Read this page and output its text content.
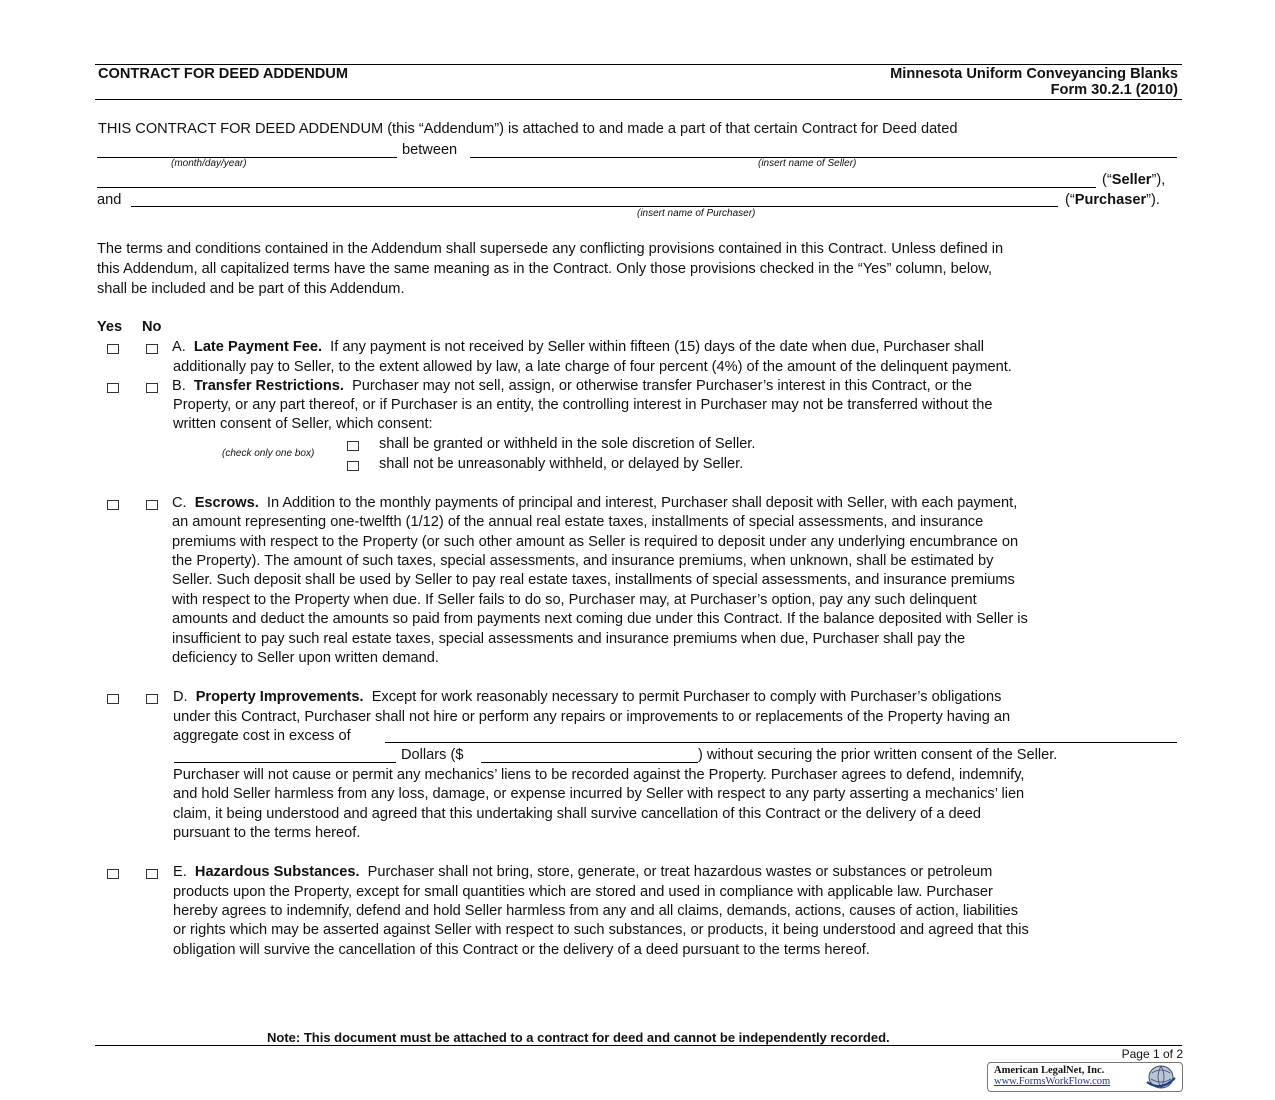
CONTRACT FOR DEED ADDENDUM	Minnesota Uniform Conveyancing Blanks
Form 30.2.1 (2010)
THIS CONTRACT FOR DEED ADDENDUM (this “Addendum”) is attached to and made a part of that certain Contract for Deed dated
between
(month/day/year)	(insert name of Seller)
(“Seller”),
and	(“Purchaser”).
(insert name of Purchaser)
The terms and conditions contained in the Addendum shall supersede any conflicting provisions contained in this Contract. Unless defined in
this Addendum, all capitalized terms have the same meaning as in the Contract. Only those provisions checked in the “Yes” column, below,
shall be included and be part of this Addendum.
Yes No
A. Late Payment Fee. If any payment is not received by Seller within fifteen (15) days of the date when due, Purchaser shall
additionally pay to Seller, to the extent allowed by law, a late charge of four percent (4%) of the amount of the delinquent payment.
B. Transfer Restrictions. Purchaser may not sell, assign, or otherwise transfer Purchaser’s interest in this Contract, or the
Property, or any part thereof, or if Purchaser is an entity, the controlling interest in Purchaser may not be transferred without the
written consent of Seller, which consent:
(check only one box)
shall be granted or withheld in the sole discretion of Seller.
shall not be unreasonably withheld, or delayed by Seller.
C. Escrows. In Addition to the monthly payments of principal and interest, Purchaser shall deposit with Seller, with each payment,
an amount representing one-twelfth (1/12) of the annual real estate taxes, installments of special assessments, and insurance
premiums with respect to the Property (or such other amount as Seller is required to deposit under any underlying encumbrance on
the Property). The amount of such taxes, special assessments, and insurance premiums, when unknown, shall be estimated by
Seller. Such deposit shall be used by Seller to pay real estate taxes, installments of special assessments, and insurance premiums
with respect to the Property when due. If Seller fails to do so, Purchaser may, at Purchaser’s option, pay any such delinquent
amounts and deduct the amounts so paid from payments next coming due under this Contract. If the balance deposited with Seller is
insufficient to pay such real estate taxes, special assessments and insurance premiums when due, Purchaser shall pay the
deficiency to Seller upon written demand.
D. Property Improvements. Except for work reasonably necessary to permit Purchaser to comply with Purchaser’s obligations
under this Contract, Purchaser shall not hire or perform any repairs or improvements to or replacements of the Property having an
aggregate cost in excess of
Dollars ($	) without securing the prior written consent of the Seller.
Purchaser will not cause or permit any mechanics’ liens to be recorded against the Property. Purchaser agrees to defend, indemnify,
and hold Seller harmless from any loss, damage, or expense incurred by Seller with respect to any party asserting a mechanics’ lien
claim, it being understood and agreed that this undertaking shall survive cancellation of this Contract or the delivery of a deed
pursuant to the terms hereof.
E. Hazardous Substances. Purchaser shall not bring, store, generate, or treat hazardous wastes or substances or petroleum
products upon the Property, except for small quantities which are stored and used in compliance with applicable law. Purchaser
hereby agrees to indemnify, defend and hold Seller harmless from any and all claims, demands, actions, causes of action, liabilities
or rights which may be asserted against Seller with respect to such substances, or products, it being understood and agreed that this
obligation will survive the cancellation of this Contract or the delivery of a deed pursuant to the terms hereof.
Note: This document must be attached to a contract for deed and cannot be independently recorded.
Page 1 of 2
American LegalNet, Inc.
www.FormsWorkFlow.com
